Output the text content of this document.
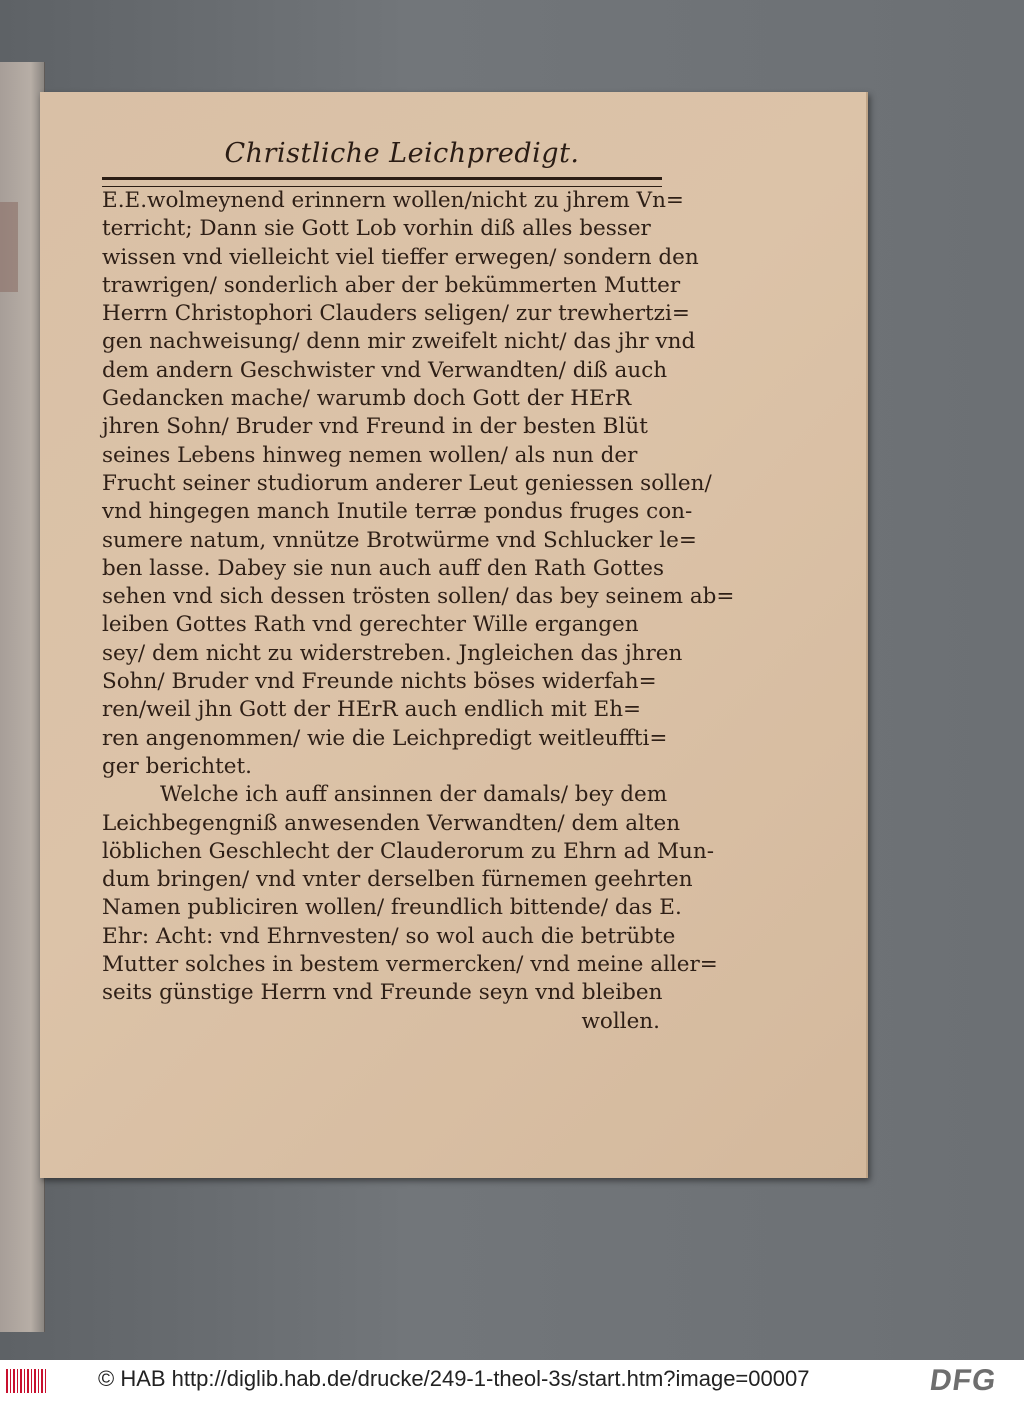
Christliche Leichpredigt.
E.E.wolmeynend erinnern wollen/nicht zu jhrem Vn=
terricht; Dann sie Gott Lob vorhin diß alles besser
wissen vnd vielleicht viel tieffer erwegen/ sondern den
trawrigen/ sonderlich aber der bekümmerten Mutter
Herrn Christophori Clauders seligen/ zur trewhertzi=
gen nachweisung/ denn mir zweifelt nicht/ das jhr vnd
dem andern Geschwister vnd Verwandten/ diß auch
Gedancken mache/ warumb doch Gott der HErR
jhren Sohn/ Bruder vnd Freund in der besten Blüt
seines Lebens hinweg nemen wollen/ als nun der
Frucht seiner studiorum anderer Leut geniessen sollen/
vnd hingegen manch Inutile terræ pondus fruges con-
sumere natum, vnnütze Brotwürme vnd Schlucker le=
ben lasse. Dabey sie nun auch auff den Rath Gottes
sehen vnd sich dessen trösten sollen/ das bey seinem ab=
leiben Gottes Rath vnd gerechter Wille ergangen
sey/ dem nicht zu widerstreben. Jngleichen das jhren
Sohn/ Bruder vnd Freunde nichts böses widerfah=
ren/weil jhn Gott der HErR auch endlich mit Eh=
ren angenommen/ wie die Leichpredigt weitleuffti=
ger berichtet.
Welche ich auff ansinnen der damals/ bey dem
Leichbegengniß anwesenden Verwandten/ dem alten
löblichen Geschlecht der Clauderorum zu Ehrn ad Mun-
dum bringen/ vnd vnter derselben fürnemen geehrten
Namen publiciren wollen/ freundlich bittende/ das E.
Ehr: Acht: vnd Ehrnvesten/ so wol auch die betrübte
Mutter solches in bestem vermercken/ vnd meine aller=
seits günstige Herrn vnd Freunde seyn vnd bleiben
wollen.
© HAB http://diglib.hab.de/drucke/249-1-theol-3s/start.htm?image=00007	DFG
